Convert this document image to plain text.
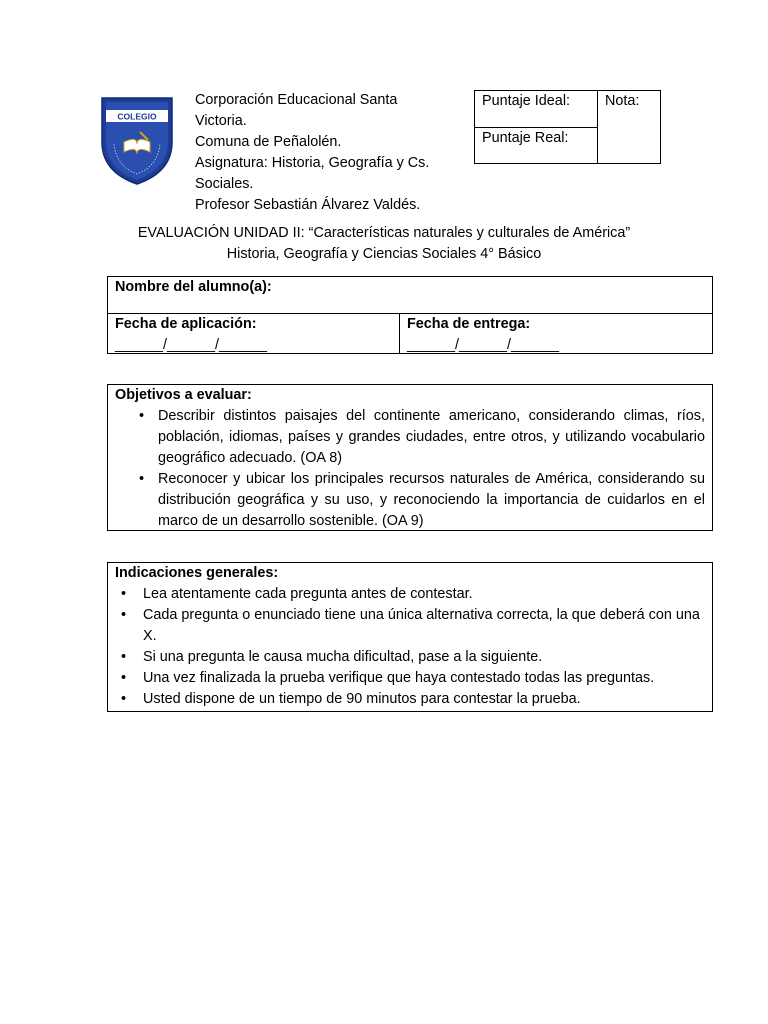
COLEGIO
Corporación Educacional Santa
Victoria.
Comuna de Peñalolén.
Asignatura: Historia, Geografía y Cs.
Sociales.
Profesor Sebastián Álvarez Valdés.
Puntaje Ideal:	Nota:
Puntaje Real:
EVALUACIÓN UNIDAD II: “Características naturales y culturales de América”
Historia, Geografía y Ciencias Sociales 4° Básico
Nombre del alumno(a):
Fecha de aplicación:
______/______/______
Fecha de entrega:
______/______/______
Objetivos a evaluar:
• Describir distintos paisajes del continente americano, considerando climas, ríos, población, idiomas, países y grandes ciudades, entre otros, y utilizando vocabulario geográfico adecuado. (OA 8)
• Reconocer y ubicar los principales recursos naturales de América, considerando su distribución geográfica y su uso, y reconociendo la importancia de cuidarlos en el marco de un desarrollo sostenible. (OA 9)
Indicaciones generales:
• Lea atentamente cada pregunta antes de contestar.
• Cada pregunta o enunciado tiene una única alternativa correcta, la que deberá con una X.
• Si una pregunta le causa mucha dificultad, pase a la siguiente.
• Una vez finalizada la prueba verifique que haya contestado todas las preguntas.
• Usted dispone de un tiempo de 90 minutos para contestar la prueba.
